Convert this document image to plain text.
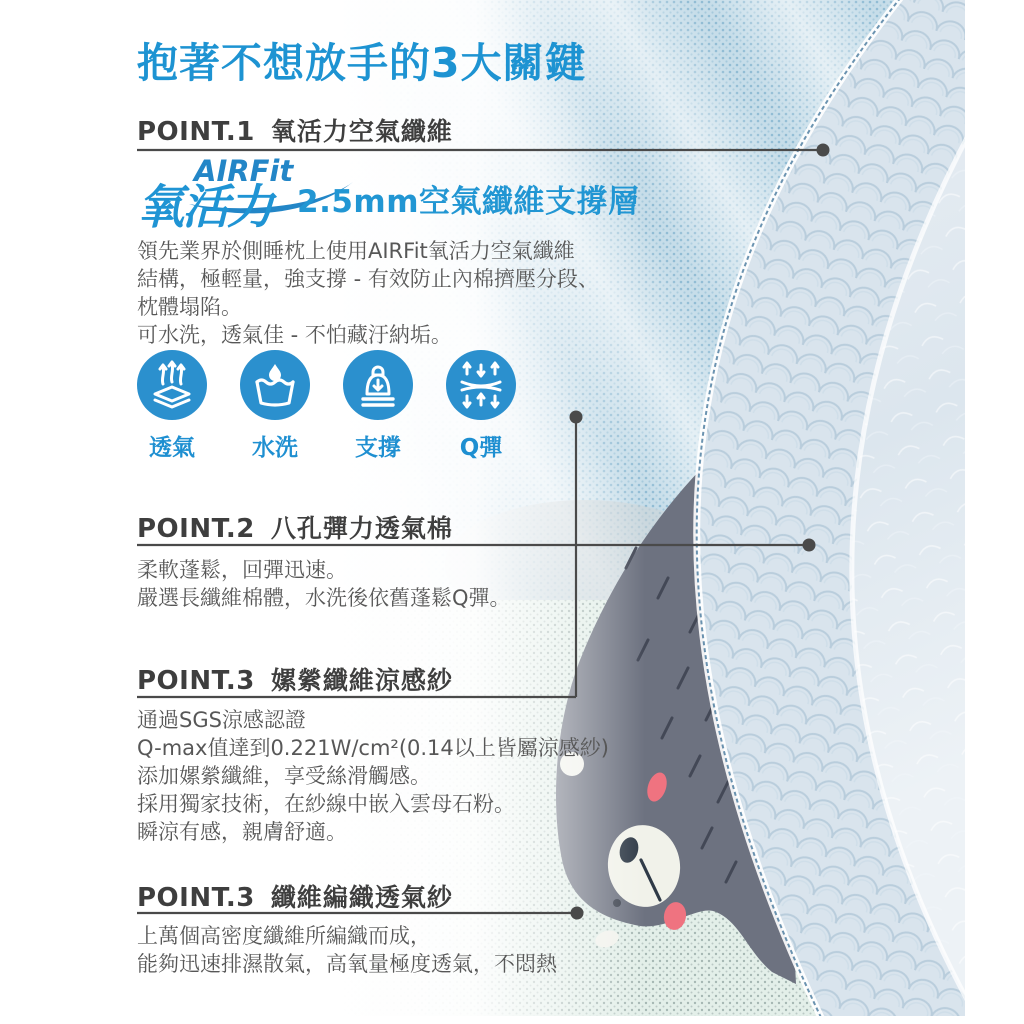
抱著不想放手的3大關鍵
POINT.1 氧活力空氣纖維
AIRFit
氧活力 2.5mm空氣纖維支撐層
領先業界於側睡枕上使用AIRFit氧活力空氣纖維
結構，極輕量，強支撐 - 有效防止內棉擠壓分段、
枕體塌陷。
可水洗，透氣佳 - 不怕藏汙納垢。
透氣	水洗	支撐	Q彈
POINT.2 八孔彈力透氣棉
柔軟蓬鬆，回彈迅速。
嚴選長纖維棉體，水洗後依舊蓬鬆Q彈。
POINT.3 嫘縈纖維涼感紗
通過SGS涼感認證
Q-max值達到0.221W/cm²(0.14以上皆屬涼感紗)
添加嫘縈纖維，享受絲滑觸感。
採用獨家技術，在紗線中嵌入雲母石粉。
瞬涼有感，親膚舒適。
POINT.3 纖維編織透氣紗
上萬個高密度纖維所編織而成，
能夠迅速排濕散氣，高氧量極度透氣，不悶熱
